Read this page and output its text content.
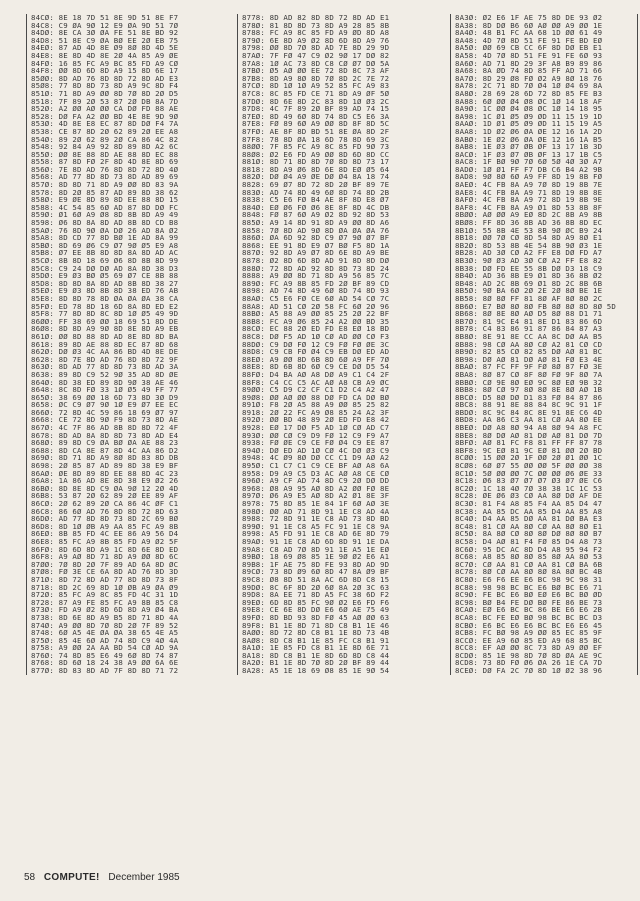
84CØ: 8E 18 7D 51 8E 9D 51 8E F7
84C8: C9 ØA 9Ø 12 E9 ØA 9D 51 7Ø
84DØ: 8E CA 3Ø ØA FE 51 8E BD 92
84D8: 51 8E C9 ØA BØ EE 2Ø EB 75
84EØ: 87 AD 4D 8E Ø9 8Ø 8D 4D 5E
84E8: 8E 8D 4D 8E 2Ø 4A 85 A9 ØE
84FØ: 16 85 FC A9 BC 85 FD A9 CØ
84F8: ØØ 8D 6D 8D A9 15 8D 6E 17
85ØØ: 8D AD 76 8D 8D 72 8D AD E3
85Ø8: 77 8D 8D 73 8D A9 9C 8D F4
851Ø: 71 8D A9 ØØ 8D 7Ø 8D 2Ø D5
8518: 7F 89 2Ø 53 87 2Ø DB 8A 7D
852Ø: A2 ØØ AØ ØØ CA DØ FD 88 AE
8528: DØ FA A2 ØØ BD 4E 8E 9D 9Ø
853Ø: 4D 8E E8 EC 87 8D DØ F4 7A
8538: CE 87 8D 2Ø 62 89 2Ø EE A8
854Ø: 89 2Ø 62 89 2Ø CA 86 4C 82
8548: 92 84 A9 92 8D 89 8D A2 6C
855Ø: ØØ 8E 88 8D AE 88 8D EC 88
8558: 87 8D FØ 2F 8D 4D 8E 8D 69
856Ø: 7E 8D AD 76 8D 8D 72 8D 4Ø
8568: AD 77 8D 8D 73 8D AD 89 69
857Ø: 8D 8D 71 8D A9 ØØ 8D 83 9A
8578: 8D 2Ø 85 87 AD 89 8D 38 62
858Ø: E9 ØE 8D 89 8D EE 88 8D 15
8588: 4C 54 85 6Ø AD 87 8D DØ FC
859Ø: Ø1 6Ø A9 Ø8 8D 8B 8D A9 49
8598: Ø6 8D 8A 8D AD 8B 8D CD B8
85AØ: 76 8D 9Ø ØA DØ 26 AD 8A Ø2
85A8: 8D CD 77 8D BØ 1E AD 8A 99
85BØ: 8D 69 Ø6 C9 Ø7 9Ø Ø5 E9 A8
85B8: Ø7 EE 8B 8D 8D 8A 8D AD AC
85CØ: 8B 8D 18 69 Ø6 8D 8B 8D 99
85C8: C9 24 DØ DØ AD 8A 8D 38 D3
85DØ: E9 Ø3 BØ Ø5 69 Ø7 CE 8B 88
85D8: 8D 8D 8A 8D AD 8B 8D 38 27
85EØ: E9 Ø3 8D 8B 8D 38 ED 76 AB
85E8: 8D 8D 78 8D ØA ØA ØA 38 CA
85FØ: ED 78 8D 18 6D 8A 8D ED E2
85F8: 77 8D 8D 8C 8D 1Ø Ø5 49 9D
86ØØ: FF 38 69 ØØ 18 69 51 8D DE
86Ø8: 8D 8D A9 9Ø 8D 8E 8D A9 EB
861Ø: ØØ 8D 88 8D AD 8E 8D 8D BA
8618: 89 8D AE 88 8D EC 87 8D 68
862Ø: DØ Ø3 4C AA 86 BD 4D 8E DE
8628: 8D 7E 8D AD 76 8D 8D 72 9F
863Ø: 8D AD 77 8D 8D 73 8D AD 3A
8638: 89 8D C9 52 9Ø 35 AD 8D ØE
864Ø: 8D 38 ED 89 8D 9Ø 38 AE 46
8648: 8C 8D FØ 33 1Ø Ø5 49 FF 77
865Ø: 38 69 ØØ 18 6D 73 8D 3Ø D9
8658: ØC C9 Ø7 9Ø 1Ø E9 Ø7 EE EC
866Ø: 72 8D 4C 59 86 18 69 Ø7 97
8668: CE 72 8D 9Ø F9 8D 73 8D AE
867Ø: 4C 7F 86 AD 8B 8D 8D 72 4F
8678: 8D AD 8A 8D 8D 73 8D AD E4
868Ø: 89 8D C9 ØA BØ ØA AE 88 23
8688: 8D CA 8E 87 8D 4C AA 86 D2
869Ø: 8D 71 8D A9 8Ø 8D 83 8D DB
8698: 2Ø 85 87 AD 89 8D 38 E9 BF
86AØ: ØE 8D 89 8D EE 88 8D 4C 23
86A8: 1A 86 AD 8E 8D 38 E9 Ø2 26
86BØ: 8D 8E 8D C9 ØA 9Ø 12 2Ø 4D
86B8: 53 87 2Ø 62 89 2Ø EE 89 AF
86CØ: 2Ø 62 89 2Ø CA 86 4C ØF C1
86C8: 86 6Ø AD 76 8D 8D 72 8D 63
86DØ: AD 77 8D 8D 73 8D 2C 69 BØ
86D8: 8D 1Ø ØB A9 AA 85 FC A9 8B
86EØ: 8B 85 FD 4C EE 86 A9 56 D4
86E8: 85 FC A9 8B 85 FD A9 Ø2 5F
86FØ: 8D 6D 8D A9 1C 8D 6E 8D ED
86F8: A9 AØ 8D 71 8D A9 ØØ 8D 6C
87ØØ: 7Ø 8D 2Ø 7F 89 AD 6A 8D ØC
87Ø8: FØ 3E CE 6A 8D AD 76 8D 3D
871Ø: 8D 72 8D AD 77 8D 8D 73 8F
8718: 8D 2C 69 8D 1Ø ØB A9 ØA Ø9
872Ø: 85 FC A9 8C 85 FD 4C 31 1D
8728: 87 A9 FE 85 FC A9 8B 85 C8
873Ø: FD A9 Ø2 8D 6D 8D A9 Ø4 BA
8738: 8D 6E 8D A9 B5 8D 71 8D 4A
874Ø: A9 ØØ 8D 7Ø 8D 2Ø 7F 89 52
8748: 6Ø A5 4E ØA ØA 38 65 4E A5
875Ø: 85 4E 6Ø AD 74 8D C9 4Ø 4A
8758: A9 ØØ 2A AA BD 54 CØ AD 9A
876Ø: 74 8D 85 E6 49 6Ø 8D 74 87
8768: 8D 6Ø 18 24 38 A9 ØØ 6A 6E
877Ø: 8D 83 8D AD 7F 8D 8D 71 72
8778: 8D AD 82 8D 8D 72 8D AD E1
878Ø: 81 8D 8D 73 8D A9 28 85 8B
8788: FC A9 8C 85 FD A9 ØD 8D A8
879Ø: 6E 8D A9 Ø2 8D 6D 8D A9 76
8798: ØØ 8D 7Ø 8D AD 7E 8D 29 9D
87AØ: 7F FØ 47 C9 Ø2 9Ø 17 DØ 82
87A8: 1Ø AC 73 8D C8 CØ Ø7 DØ 5A
87BØ: Ø5 AØ ØØ EE 72 8D 8C 73 AF
87B8: 8D A9 8Ø 8D 7Ø 8D 2C 7E 72
87CØ: 8D 1Ø 1Ø A9 52 85 FC A9 83
87C8: 8C 85 FD CE 71 8D A9 ØF 5Ø
87DØ: 8D 6E 8D 2C 83 8D 1Ø Ø3 2C
87D8: 4C 7F 89 2Ø BF 89 AD 74 15
87EØ: 8D 49 6Ø 8D 74 8D C5 E6 3A
87E8: FØ 89 6Ø A9 ØØ 8D 8F 8D 5C
87FØ: AE 8F 8D BD 51 8E ØA 8D 2F
87F8: 78 8D ØA 18 6D 78 8D 69 3C
88ØØ: 7F 85 FC A9 8C 85 FD 9Ø 73
88Ø8: Ø2 E6 FD A9 ØØ 8D 6D 8D CC
881Ø: 8D 71 8D 8D 7Ø 8D 8D 73 17
8818: 8D A9 Ø6 8D 6E 8D EØ Ø5 64
882Ø: DØ Ø4 A9 ØE DØ Ø4 8A 18 74
8828: 69 Ø7 8D 72 8D 2Ø BF 89 7E
883Ø: AD 74 8D 49 6Ø 8D 74 8D 2B
8838: C5 E6 FØ B4 AE 8F 8D E8 Ø7
884Ø: EØ Ø6 FØ Ø6 8E 8F 8D 4C DB
8848: FØ 87 6Ø A9 Ø2 8D 92 8D 53
885Ø: A9 14 8D 91 8D A9 ØØ 8D A6
8858: 7Ø 8D AD 9Ø 8D ØA ØA ØA 76
886Ø: ØA 6D 92 8D C9 Ø7 9Ø Ø7 BF
8868: EE 91 8D E9 Ø7 BØ F5 8D 1A
887Ø: 92 8D A9 Ø7 8D 6E 8D A9 BE
8878: Ø2 8D 6D 8D AD 91 8D 8D DØ
888Ø: 72 8D AD 92 8D 8D 73 8D 24
8888: A9 ØØ 8D 71 8D A9 56 85 7C
889Ø: FC A9 8B 85 FD 2Ø BF 89 CD
8898: AD 74 8D 49 6Ø 8D 74 8D 93
88AØ: C5 E6 FØ CE 6Ø AD 54 CØ 7C
88A8: AD 51 CØ 2Ø 58 FC 6Ø 2Ø 96
88BØ: A5 88 A9 ØØ 85 25 2Ø 22 BF
88B8: FC A9 Ø6 85 24 A2 ØØ BD 35
88CØ: EC 88 2Ø ED FD E8 EØ 18 BD
88C8: DØ F5 AD 1Ø CØ AD ØØ CØ F3
88DØ: C9 DØ FØ 12 C9 FØ FØ ØE 3C
88D8: C9 CB FØ Ø4 C9 EB DØ ED AD
88EØ: A9 ØØ 8D 6B 8D 6Ø A9 FF 7Ø
88E8: 8D 6B 8D 6Ø C9 CE DØ D5 54
88FØ: D4 BA AØ A8 DØ A9 C1 C4 2F
88F8: C4 CC C5 AC AØ A8 CB A9 ØC
89ØØ: C5 D9 C2 CF C1 D2 C4 A2 47
89Ø8: ØØ AØ ØØ 88 DØ FD CA DØ BØ
891Ø: F8 2Ø A5 88 A9 ØØ 85 25 82
8918: 2Ø 22 FC A9 Ø8 85 24 A2 3F
892Ø: ØØ BD 48 89 2Ø ED FD E8 42
8928: EØ 17 DØ F5 AD 1Ø CØ AD C7
893Ø: ØØ CØ C9 D9 FØ 12 C9 F9 A7
8938: FØ ØE C9 CE FØ Ø4 C9 EE 87
894Ø: DØ ED AD 1Ø CØ 4C DØ Ø3 C9
8948: 4C Ø9 8Ø DØ CC C1 D9 AØ A2
895Ø: C1 C7 C1 C9 CE BF AØ A8 6A
8958: D9 A9 C5 D3 AC AØ A8 CE CØ
896Ø: A9 CF AD 74 8D C9 2Ø DØ DD
8968: Ø8 A9 95 AØ 8D A2 ØØ FØ 8E
897Ø: Ø6 A9 E5 AØ 8D A2 Ø1 8E 3F
8978: 75 8D 85 1E 84 1F 6Ø AØ 3E
898Ø: ØØ AD 71 8D 91 1E C8 AD 4A
8988: 72 8D 91 1E C8 AD 73 8D BD
899Ø: 91 1E C8 A5 FC 91 1E C8 9A
8998: A5 FD 91 1E C8 AD 6E 8D 79
89AØ: 91 1E C8 AD 6D 8D 91 1E DA
89A8: C8 AD 7Ø 8D 91 1E A5 1E EØ
89BØ: 18 69 Ø8 85 1E 9Ø Ø2 E6 A1
89B8: 1F AE 75 8D FE 93 8D AD 9D
89CØ: 73 8D Ø9 6Ø 8D 47 8A Ø9 BF
89C8: Ø8 8D 51 8A AC 6D 8D C8 15
89DØ: 8C 6F 8D 2Ø 6Ø 8A 2Ø 3C 63
89D8: 8A EE 71 8D A5 FC 38 6D F2
89EØ: 6D 8D 85 FC 9Ø Ø2 E6 FD F6
89E8: CE 6E 8D DØ E6 6Ø AE 75 49
89FØ: 8D BD 93 8D FØ 45 AØ ØØ 63
89F8: B1 1E 8D 71 8D C8 B1 1E 46
8AØØ: 8D 72 8D C8 B1 1E 8D 73 4B
8AØ8: 8D C8 B1 1E 85 FC C8 B1 91
8A1Ø: 1E 85 FD C8 B1 1E 8D 6E 71
8A18: 8D C8 B1 1E 8D 6D 8D C8 44
8A2Ø: B1 1E 8D 7Ø 8D 2Ø BF 89 44
8A28: A5 1E 18 69 Ø8 85 1E 9Ø 54
8A3Ø: Ø2 E6 1F AE 75 8D DE 93 Ø2
8A38: 8D DØ B6 6Ø AØ ØØ A9 ØØ 1E
8A4Ø: 48 B1 FC AA 68 1D ØØ 61 49
8A48: 4D 7Ø 8D 51 FE 91 FE BD EØ
8A5Ø: ØØ 69 CB CC 6F 8D DØ EB E1
8A58: 4D 7Ø 8D 51 FE 91 FE 6Ø 93
8A6Ø: AD 71 8D 29 3F A8 B9 89 86
8A68: 8A ØD 74 8D 85 FF AD 71 66
8A7Ø: 8D 29 Ø8 FØ Ø2 A9 8Ø 18 76
8A78: 2C 71 8D 7Ø Ø4 1Ø Ø4 69 8A
8A8Ø: 28 69 28 6D 72 8D 85 FE B3
8A88: 6Ø ØØ Ø4 Ø8 ØC 1Ø 14 18 AF
8A9Ø: 1C ØØ Ø4 Ø8 ØC 1Ø 14 18 95
8A98: 1C Ø1 Ø5 Ø9 ØD 11 15 19 1D
8AAØ: 1D Ø1 Ø5 Ø9 ØD 11 15 19 A5
8AA8: 1D Ø2 Ø6 ØA ØE 12 16 1A 2D
8ABØ: 1E Ø2 Ø6 ØA ØE 12 16 1A B5
8AB8: 1E Ø3 Ø7 ØB ØF 13 17 1B 3D
8ACØ: 1F Ø3 Ø7 ØB ØF 13 17 1B C5
8AC8: 1F BØ 9Ø 7Ø 6Ø 5Ø 4Ø 3Ø A7
8ADØ: 1Ø Ø1 FF F7 DB C6 B4 A2 9B
8AD8: 9Ø 8Ø 6Ø A9 FF 8D 19 8B FØ
8AEØ: 4C FB 8A A9 7Ø 8D 19 8B 7E
8AE8: 4C FB 8A A9 71 8D 19 8B 8E
8AFØ: 4C FB 8A A9 72 8D 19 8B 9E
8AF8: 4C FB 8A A9 Ø1 8D 53 8B 8F
8BØØ: AØ ØØ A9 EØ 8D 2C 8B A9 8B
8BØ8: FF 8D 36 8B AD 36 8B 8D EC
8B1Ø: 55 8B 4E 53 8B 9Ø ØC B9 24
8B18: ØØ 7Ø CØ 8D 54 8D A9 8Ø E1
8B2Ø: 8D 53 8B 4E 54 8B 9Ø Ø3 1E
8B28: AD 3Ø CØ A2 FF E8 DØ FD A7
8B3Ø: 9Ø Ø3 AD 3Ø CØ A2 FF E8 82
8B38: DØ FD EE 55 8B DØ D3 18 C9
8B4Ø: AD 36 8B E9 Ø1 8D 36 8B Ø2
8B48: AD 2C 8B 69 Ø1 8D 2C 8B 6B
8B5Ø: 9Ø BA 6Ø 2Ø 2E 2Ø 8Ø BE 1E
8B58: 8Ø 8Ø FF 81 8Ø AF 8Ø 8Ø 2C
8B6Ø: E7 BØ 8Ø 8Ø FB 8Ø 8Ø 8D 8Ø 5D
8B68: 8Ø 8E 8Ø AØ D5 8Ø 88 D1 71
8B7Ø: 81 9C E4 81 8E D1 83 86 6D
8B78: C4 83 86 91 87 86 84 87 A3
8B8Ø: 8E 91 8E CC AA 8C DØ AA B5
8B88: 98 CØ AA 8Ø CØ A2 81 CØ CD
8B9Ø: 82 85 CØ 82 85 DØ AØ 81 BC
8B98: DØ AØ 81 DØ AØ 81 FØ E3 4E
8BAØ: 87 FC FF 9F FØ 8Ø 87 FØ 3E
8BA8: 8Ø 87 CØ 8F 8Ø FØ 9F 8Ø 7A
8BBØ: CØ 9E 8Ø EØ 9C 8Ø EØ 9B 32
8BB8: 8Ø CØ 97 8Ø 8Ø 8E 8Ø AØ 1B
8BCØ: D5 8Ø DØ D1 83 FØ 84 87 86
8BC8: 88 91 8E 88 84 8C 9C 91 1F
8BDØ: 8C 9C 84 8C 8E 91 8E C6 4D
8BD8: AA 86 C3 AA 81 CØ AA 8Ø EE
8BEØ: DØ A8 8Ø 94 A8 8Ø 94 A8 FC
8BE8: 8Ø DØ AØ 81 DØ AØ 81 DØ 7D
8BFØ: AØ 81 FC F8 81 FF FF 87 78
8BF8: 9C EØ 81 9C EØ 81 ØØ 2Ø BD
8CØØ: 15 ØØ 2Ø 1F ØØ 2Ø Ø1 ØØ 1C
8CØ8: 6Ø Ø7 55 ØØ ØØ 5F ØØ ØØ 38
8C1Ø: 5Ø ØØ ØØ 7C ØØ ØØ Ø6 ØE 33
8C18: Ø6 83 Ø7 Ø7 Ø7 Ø3 Ø7 ØE C6
8C2Ø: 1C 18 4Ø 7Ø 38 38 1C 1C 53
8C28: ØE Ø6 Ø3 CØ AA 8Ø DØ AF DE
8C3Ø: 81 F4 A8 85 F4 AA 85 D4 47
8C38: AA 85 DC AA 85 D4 AA 85 A8
8C4Ø: D4 AA 85 DØ AA 81 DØ BA E3
8C48: 81 CØ AA 8Ø CØ AA 8Ø 8Ø E1
8C5Ø: 8A 8Ø CØ 8Ø 8Ø DØ 8Ø 8Ø B7
8C58: D4 AØ 81 F4 FØ 85 D4 A8 73
8C6Ø: 95 DC AC 8D D4 A8 95 94 F2
8C68: A8 85 8Ø 8Ø 85 8Ø AA 8Ø 53
8C7Ø: CØ AA 81 CØ AA 81 CØ BA 6B
8C78: 8Ø CØ AA 8Ø 8Ø 8A 8Ø BC 4B
8C8Ø: E6 F6 EE E6 BC 98 9C 98 31
8C88: 98 98 BC BC E6 BØ BC E6 71
8C9Ø: FE BC E6 BØ EØ E6 BC BØ ØD
8C98: BØ B4 FE DØ BØ FE 86 BE 73
8CAØ: EØ E6 BC BC 86 BE E6 E6 2B
8CA8: BC FE EØ BØ 98 BC BC BC D3
8CBØ: E6 BC E6 E6 BC BC E6 E6 45
8CB8: FC BØ 98 A9 ØØ 85 EC 85 9F
8CCØ: EE A9 6Ø 85 ED A9 68 85 BC
8CC8: EF AØ ØØ 8C 73 8D A9 ØØ EF
8CDØ: 85 1E 98 8D 7Ø 8D ØA AE 9C
8CD8: 73 8D FØ Ø6 ØA 26 1E CA 7D
8CEØ: DØ FA 2C 7Ø 8D 1Ø Ø2 38 96
58 COMPUTE! December 1985
